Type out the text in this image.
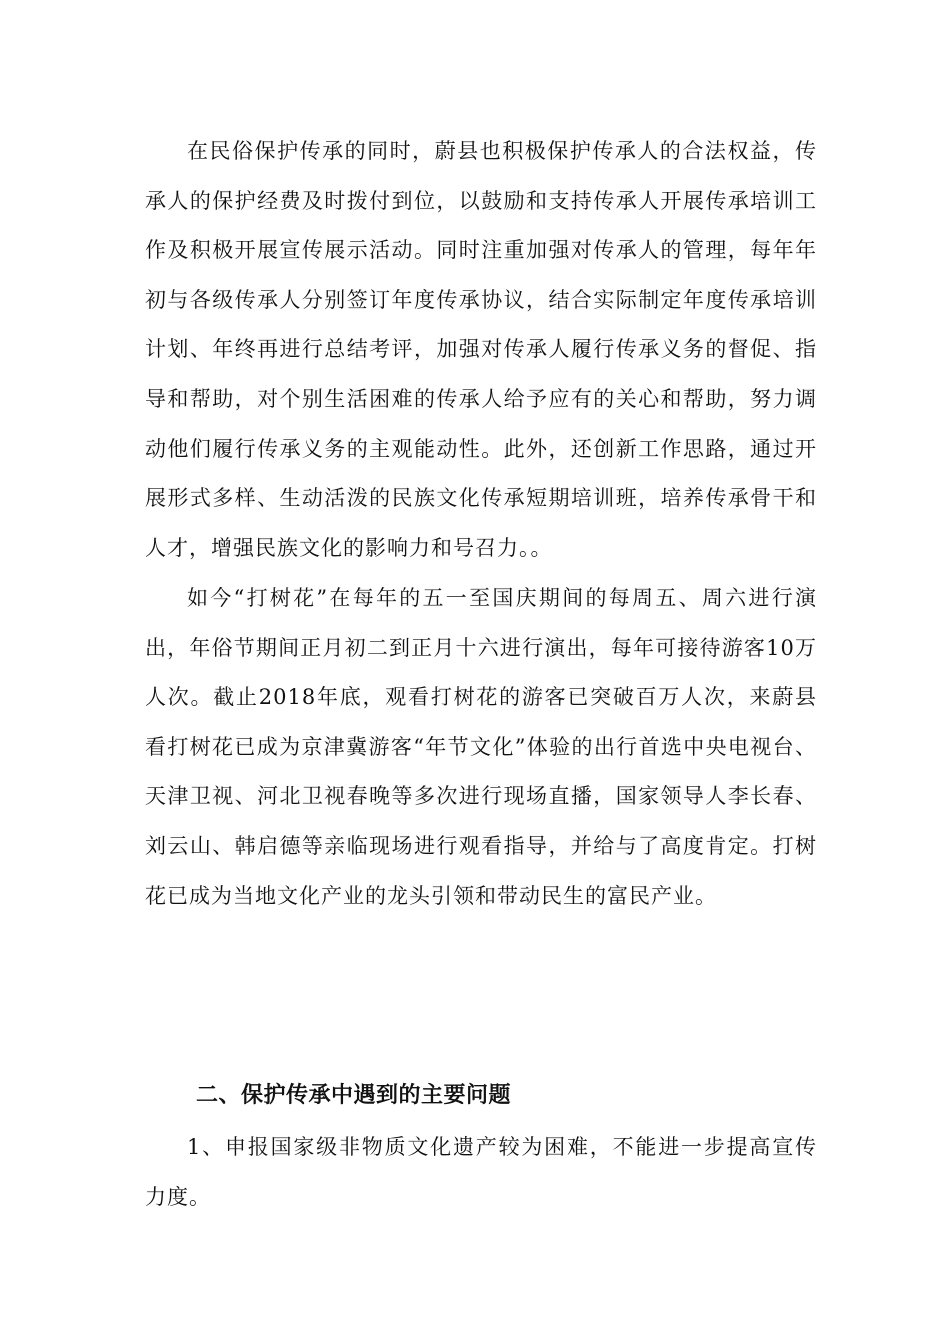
在民俗保护传承的同时，蔚县也积极保护传承人的合法权益，传承人的保护经费及时拨付到位，以鼓励和支持传承人开展传承培训工作及积极开展宣传展示活动。同时注重加强对传承人的管理，每年年初与各级传承人分别签订年度传承协议，结合实际制定年度传承培训计划、年终再进行总结考评，加强对传承人履行传承义务的督促、指导和帮助，对个别生活困难的传承人给予应有的关心和帮助，努力调动他们履行传承义务的主观能动性。此外，还创新工作思路，通过开展形式多样、生动活泼的民族文化传承短期培训班，培养传承骨干和人才，增强民族文化的影响力和号召力。。

如今“打树花”在每年的五一至国庆期间的每周五、周六进行演出，年俗节期间正月初二到正月十六进行演出，每年可接待游客10万人次。截止2018年底，观看打树花的游客已突破百万人次，来蔚县看打树花已成为京津冀游客“年节文化”体验的出行首选中央电视台、天津卫视、河北卫视春晚等多次进行现场直播，国家领导人李长春、刘云山、韩启德等亲临现场进行观看指导，并给与了高度肯定。打树花已成为当地文化产业的龙头引领和带动民生的富民产业。

二、保护传承中遇到的主要问题

1、申报国家级非物质文化遗产较为困难，不能进一步提高宣传力度。
